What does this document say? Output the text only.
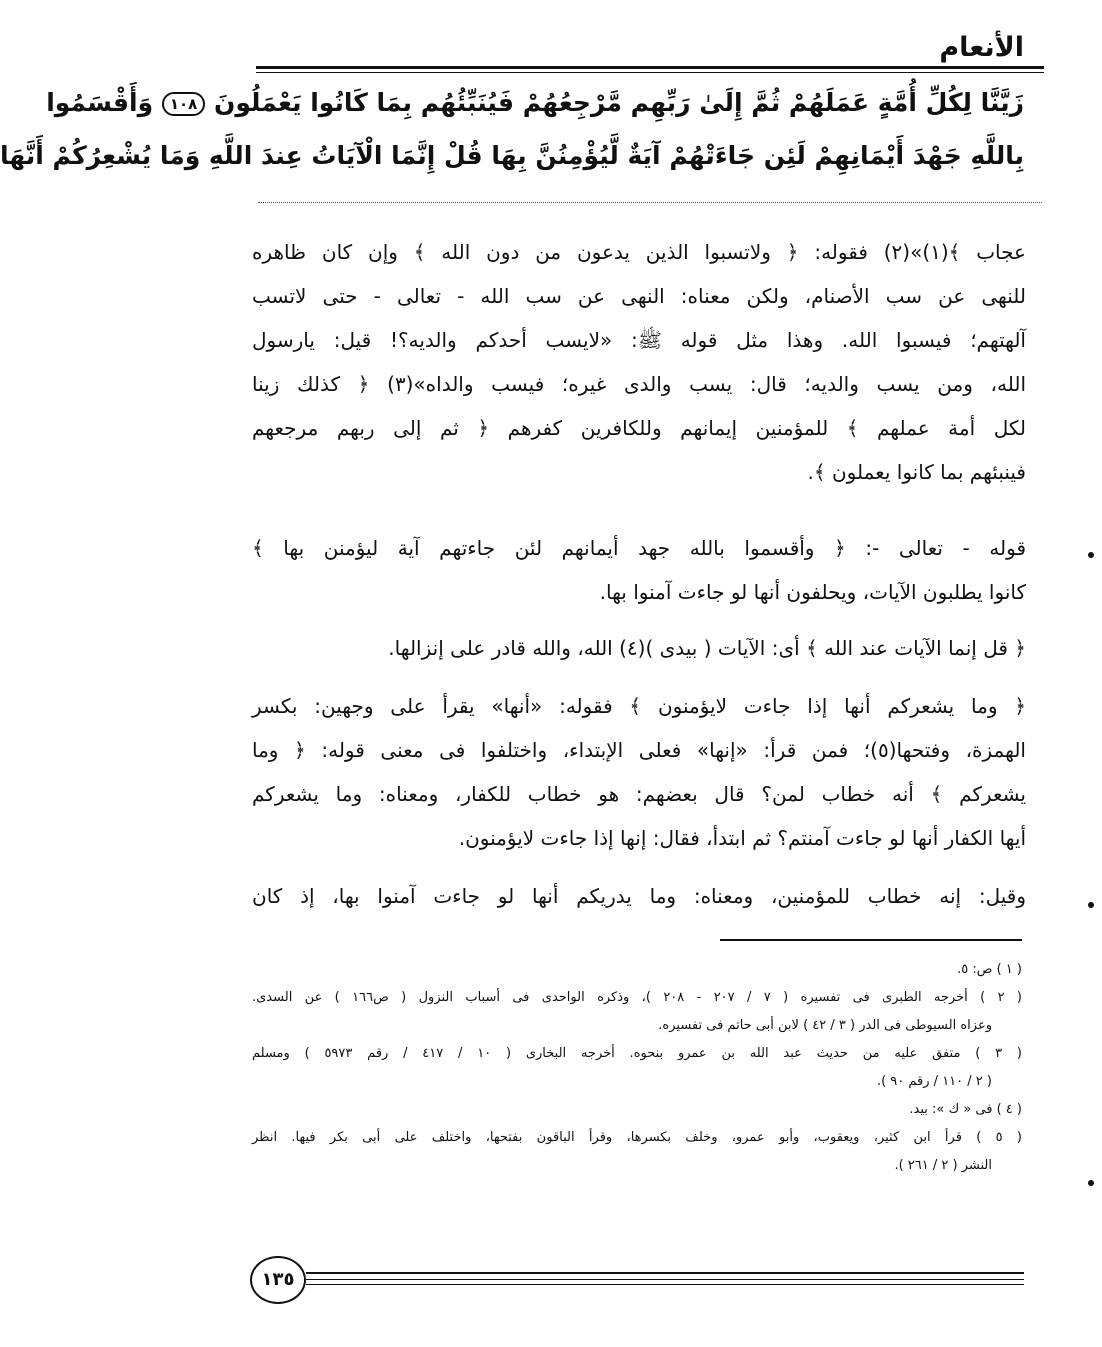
الأنعام

زَيَّنَّا لِكُلِّ أُمَّةٍ عَمَلَهُمْ ثُمَّ إِلَىٰ رَبِّهِم مَّرْجِعُهُمْ فَيُنَبِّئُهُم بِمَا كَانُوا يَعْمَلُونَ ١٠٨ وَأَقْسَمُوا

بِاللَّهِ جَهْدَ أَيْمَانِهِمْ لَئِن جَاءَتْهُمْ آيَةٌ لَّيُؤْمِنُنَّ بِهَا قُلْ إِنَّمَا الْآيَاتُ عِندَ اللَّهِ وَمَا يُشْعِرُكُمْ أَنَّهَا

عجاب ﴾(١)»(٢) فقوله: ﴿ ولاتسبوا الذين يدعون من دون الله ﴾ وإن كان ظاهره
للنهى عن سب الأصنام، ولكن معناه: النهى عن سب الله - تعالى - حتى لاتسب
آلهتهم؛ فيسبوا الله. وهذا مثل قوله ﷺ: «لايسب أحدكم والديه؟! قيل: يارسول
الله، ومن يسب والديه؛ قال: يسب والدى غيره؛ فيسب والداه»(٣) ﴿ كذلك زينا
لكل أمة عملهم ﴾ للمؤمنين إيمانهم وللكافرين كفرهم ﴿ ثم إلى ربهم مرجعهم
فينبئهم بما كانوا يعملون ﴾.
قوله - تعالى -: ﴿ وأقسموا بالله جهد أيمانهم لئن جاءتهم آية ليؤمنن بها ﴾
كانوا يطلبون الآيات، ويحلفون أنها لو جاءت آمنوا بها.
﴿ قل إنما الآيات عند الله ﴾ أى: الآيات ( بيدى )(٤) الله، والله قادر على إنزالها.
﴿ وما يشعركم أنها إذا جاءت لايؤمنون ﴾ فقوله: «أنها» يقرأ على وجهين: بكسر
الهمزة، وفتحها(٥)؛ فمن قرأ: «إنها» فعلى الإبتداء، واختلفوا فى معنى قوله: ﴿ وما
يشعركم ﴾ أنه خطاب لمن؟ قال بعضهم: هو خطاب للكفار، ومعناه: وما يشعركم
أيها الكفار أنها لو جاءت آمنتم؟ ثم ابتدأ، فقال: إنها إذا جاءت لايؤمنون.
وقيل: إنه خطاب للمؤمنين، ومعناه: وما يدريكم أنها لو جاءت آمنوا بها، إذ كان
( ١ ) ص: ٥.
( ٢ ) أخرجه الطبرى فى تفسيره ( ٧ / ٢٠٧ - ٢٠٨ )، وذكره الواحدى فى أسباب النزول ( ص١٦٦ ) عن السدى.
وعزاه السيوطى فى الدر ( ٣ / ٤٢ ) لابن أبى حاتم فى تفسيره.
( ٣ ) متفق عليه من حديث عبد الله بن عمرو بنحوه. أخرجه البخارى ( ١٠ / ٤١٧ / رقم ٥٩٧٣ ) ومسلم
( ٢ / ١١٠ / رقم ٩٠ ).
( ٤ ) فى « ك »: بيد.
( ٥ ) قرأ ابن كثير، ويعقوب، وأبو عمرو، وخلف بكسرها، وقرأ الباقون بفتحها، واختلف على أبى بكر فيها. انظر
النشر ( ٢ / ٢٦١ ).
١٣٥
